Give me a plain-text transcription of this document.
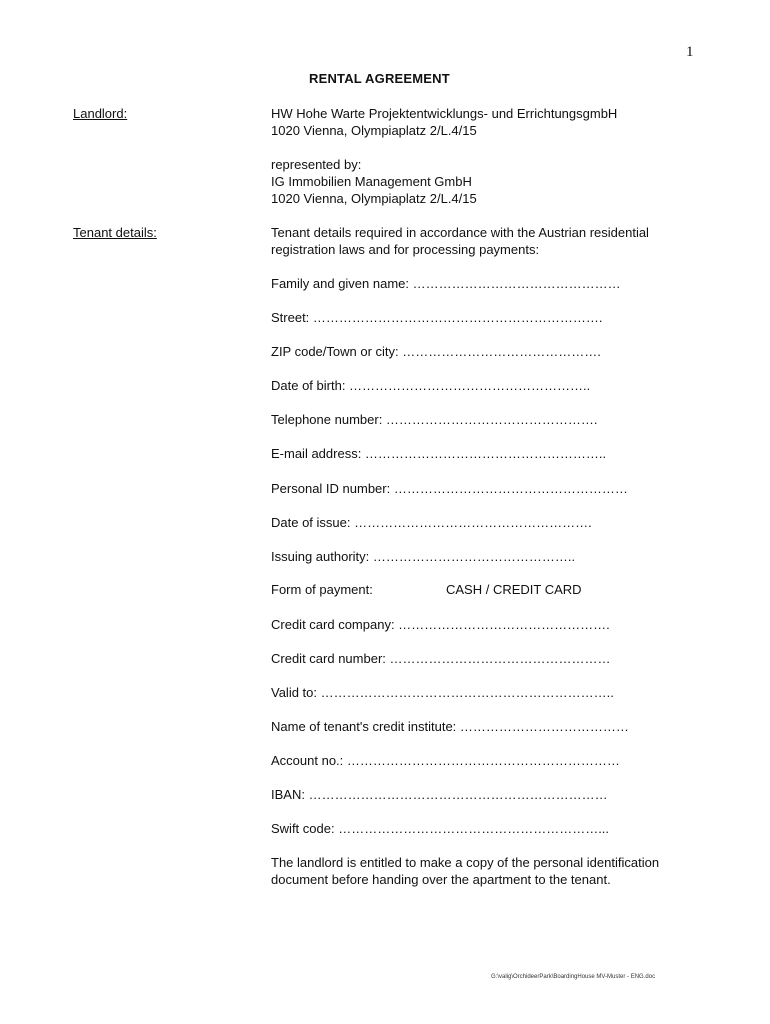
1
RENTAL AGREEMENT
Landlord:	HW Hohe Warte Projektentwicklungs- und ErrichtungsgmbH
1020 Vienna, Olympiaplatz 2/L.4/15
represented by:
IG Immobilien Management GmbH
1020 Vienna, Olympiaplatz 2/L.4/15
Tenant details:	Tenant details required in accordance with the Austrian residential
registration laws and for processing payments:
Family and given name: …………………………………………
Street: ………………………………………………………….
ZIP code/Town or city: ……………………………………….
Date of birth: ………………………………………………..
Telephone number: ………………………………………….
E-mail address: ………………………………………………..
Personal ID number: ………………………………………………
Date of issue: ……………………………………………….
Issuing authority: ………………………………………..
Form of payment:	CASH / CREDIT CARD
Credit card company: ………………………………………….
Credit card number: ……………………………………………
Valid to: …………………………………………………………..
Name of tenant's credit institute: …………………………………
Account no.: ………………………………………………………
IBAN: ……………………………………………………………
Swift code: ……………………………………………………...
The landlord is entitled to make a copy of the personal identification
document before handing over the apartment to the tenant.
G:\valig\OrchideerPark\BoardingHouse MV-Muster - ENG.doc
